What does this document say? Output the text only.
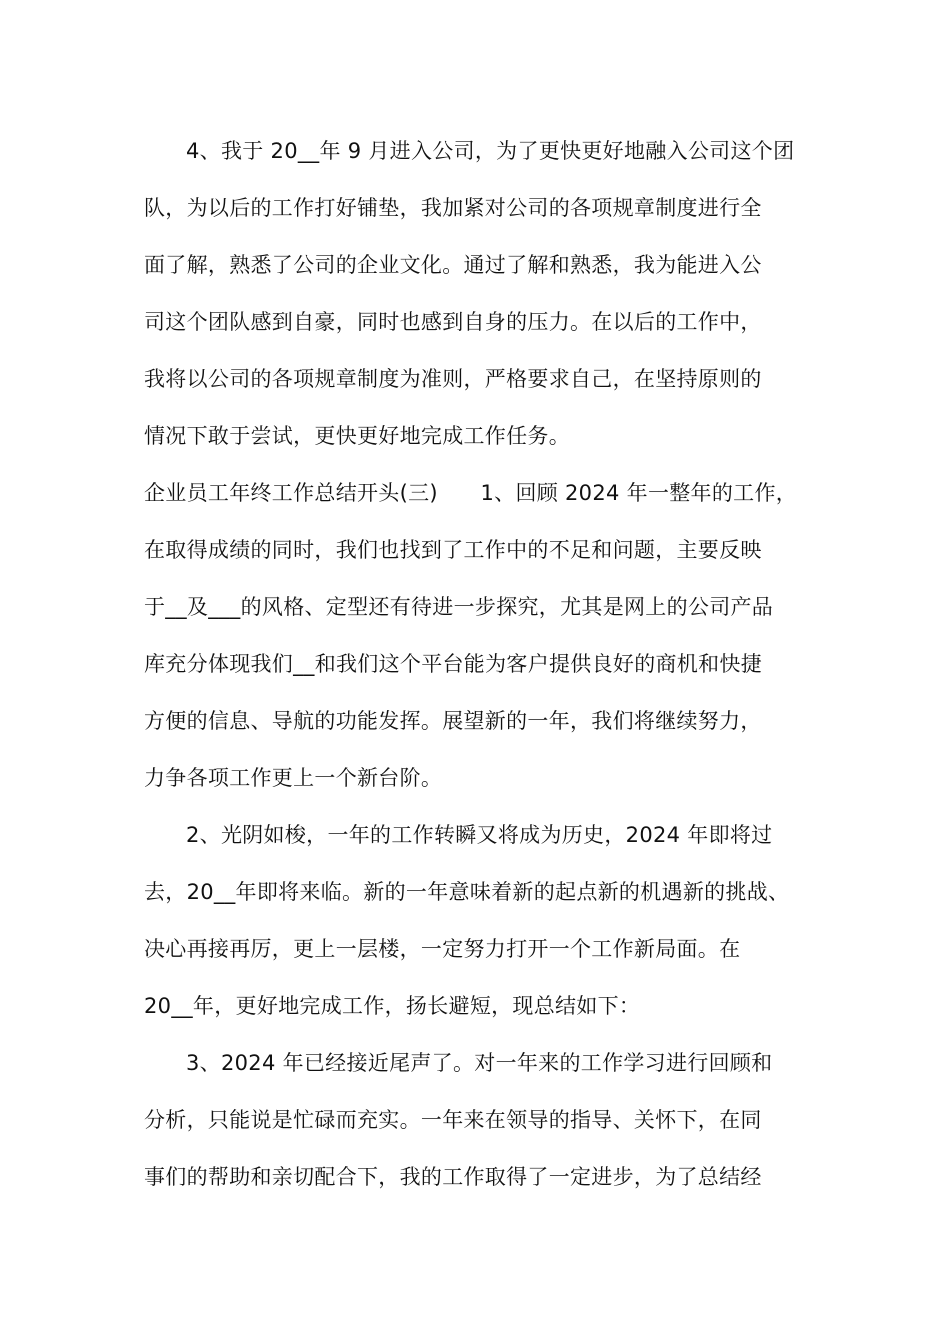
4、我于 20__年 9 月进入公司，为了更快更好地融入公司这个团
队，为以后的工作打好铺垫，我加紧对公司的各项规章制度进行全
面了解，熟悉了公司的企业文化。通过了解和熟悉，我为能进入公
司这个团队感到自豪，同时也感到自身的压力。在以后的工作中，
我将以公司的各项规章制度为准则，严格要求自己，在坚持原则的
情况下敢于尝试，更快更好地完成工作任务。
企业员工年终工作总结开头(三)　　1、回顾 2024 年一整年的工作，
在取得成绩的同时，我们也找到了工作中的不足和问题，主要反映
于__及___的风格、定型还有待进一步探究，尤其是网上的公司产品
库充分体现我们__和我们这个平台能为客户提供良好的商机和快捷
方便的信息、导航的功能发挥。展望新的一年，我们将继续努力，
力争各项工作更上一个新台阶。
2、光阴如梭，一年的工作转瞬又将成为历史，2024 年即将过
去，20__年即将来临。新的一年意味着新的起点新的机遇新的挑战、
决心再接再厉，更上一层楼，一定努力打开一个工作新局面。在
20__年，更好地完成工作，扬长避短，现总结如下：
3、2024 年已经接近尾声了。对一年来的工作学习进行回顾和
分析，只能说是忙碌而充实。一年来在领导的指导、关怀下，在同
事们的帮助和亲切配合下，我的工作取得了一定进步，为了总结经
